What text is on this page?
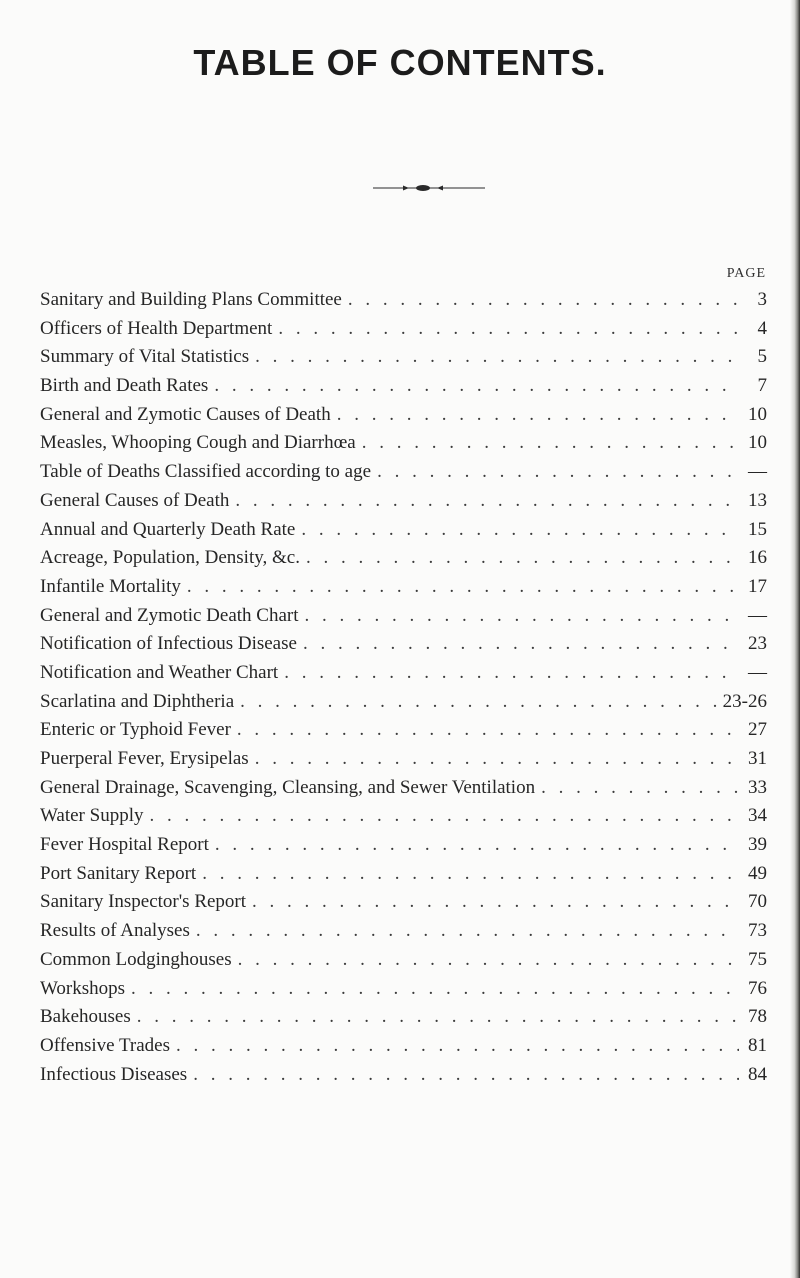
TABLE OF CONTENTS.
PAGE
Sanitary and Building Plans Committee . . .	3
Officers of Health Department . . .	4
Summary of Vital Statistics . . .	5
Birth and Death Rates . . .	7
General and Zymotic Causes of Death . . .	10
Measles, Whooping Cough and Diarrhœa . . .	10
Table of Deaths Classified according to age . . .	—
General Causes of Death . . .	13
Annual and Quarterly Death Rate . . .	15
Acreage, Population, Density, &c. . . .	16
Infantile Mortality . . .	17
General and Zymotic Death Chart . . .	—
Notification of Infectious Disease . . .	23
Notification and Weather Chart . . .	—
Scarlatina and Diphtheria . . .	23-26
Enteric or Typhoid Fever . . .	27
Puerperal Fever, Erysipelas . . .	31
General Drainage, Scavenging, Cleansing, and Sewer Ventilation . . .	33
Water Supply . . .	34
Fever Hospital Report . . .	39
Port Sanitary Report . . .	49
Sanitary Inspector's Report . . .	70
Results of Analyses . . .	73
Common Lodginghouses . . .	75
Workshops . . .	76
Bakehouses . . .	78
Offensive Trades . . .	81
Infectious Diseases . . .	84
